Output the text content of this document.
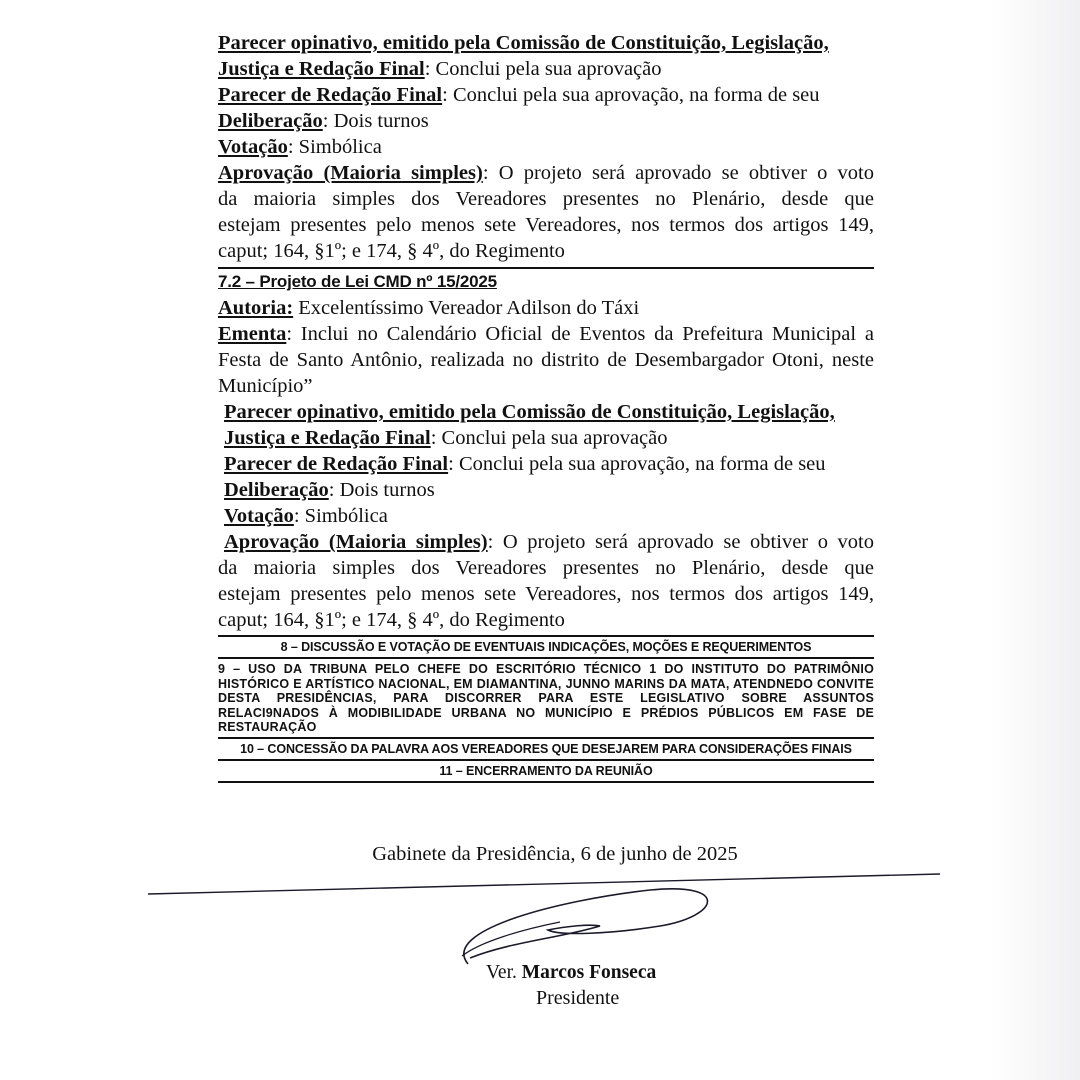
Parecer opinativo, emitido pela Comissão de Constituição, Legislação,

Justiça e Redação Final: Conclui pela sua aprovação

Parecer de Redação Final: Conclui pela sua aprovação, na forma de seu

Deliberação: Dois turnos

Votação: Simbólica

Aprovação (Maioria simples): O projeto será aprovado se obtiver o voto

da maioria simples dos Vereadores presentes no Plenário, desde que

estejam presentes pelo menos sete Vereadores, nos termos dos artigos 149,

caput; 164, §1º; e 174, § 4º, do Regimento

7.2 – Projeto de Lei CMD nº 15/2025

Autoria: Excelentíssimo Vereador Adilson do Táxi

Ementa: Inclui no Calendário Oficial de Eventos da Prefeitura Municipal a

Festa de Santo Antônio, realizada no distrito de Desembargador Otoni, neste

Município”

Parecer opinativo, emitido pela Comissão de Constituição, Legislação,

Justiça e Redação Final: Conclui pela sua aprovação

Parecer de Redação Final: Conclui pela sua aprovação, na forma de seu

Deliberação: Dois turnos

Votação: Simbólica

Aprovação (Maioria simples): O projeto será aprovado se obtiver o voto

da maioria simples dos Vereadores presentes no Plenário, desde que

estejam presentes pelo menos sete Vereadores, nos termos dos artigos 149,

caput; 164, §1º; e 174, § 4º, do Regimento

8 – DISCUSSÃO E VOTAÇÃO DE EVENTUAIS INDICAÇÕES, MOÇÕES E REQUERIMENTOS
9 – USO DA TRIBUNA PELO CHEFE DO ESCRITÓRIO TÉCNICO 1 DO INSTITUTO DO PATRIMÔNIO HISTÓRICO E ARTÍSTICO NACIONAL, EM DIAMANTINA, JUNNO MARINS DA MATA, ATENDNEDO CONVITE DESTA PRESIDÊNCIAS, PARA DISCORRER PARA ESTE LEGISLATIVO SOBRE ASSUNTOS RELACI9NADOS À MODIBILIDADE URBANA NO MUNICÍPIO E PRÉDIOS PÚBLICOS EM FASE DE RESTAURAÇÃO
10 – CONCESSÃO DA PALAVRA AOS VEREADORES QUE DESEJAREM PARA CONSIDERAÇÕES FINAIS
11 – ENCERRAMENTO DA REUNIÃO
Gabinete da Presidência, 6 de junho de 2025
Ver. Marcos Fonseca
Presidente
